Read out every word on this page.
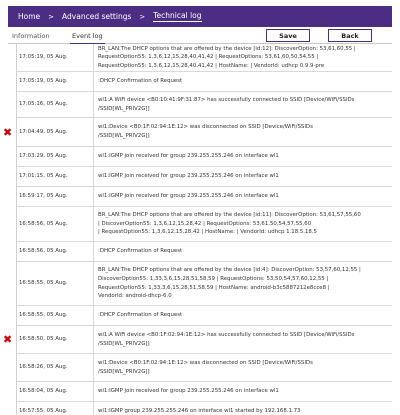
Home > Advanced settings > Technical log
Information	Event log	Save	Back
17:05:19, 05 Aug.
BR_LAN:The DHCP options that are offered by the device [id:12]: DiscoverOption: 53,61,60,55 |
RequestOption55: 1,3,6,12,15,28,40,41,42 | RequestOptions: 53,61,60,50,54,55 |
RequestOption55: 1,3,6,12,15,28,40,41,42 | HostName: | VendorId: udhcp 0.9.9-pre
17:05:19, 05 Aug.	:DHCP Confirmation of Request
17:05:16, 05 Aug.
wl1:A WiFi device <B0:10:41:9F:31:87> has successfully connected to SSID [Device/WiFi/SSIDs
/SSID[WL_PRIV2G]]
17:04:49, 05 Aug.
wl1:Device <B0:1F:02:94:1E:12> was disconnected on SSID [Device/WiFi/SSIDs
/SSID[WL_PRIV2G]]
17:03:29, 05 Aug.	wl1:IGMP join received for group 239.255.255.246 on interface wl1
17:01:15, 05 Aug.	wl1:IGMP join received for group 239.255.255.246 on interface wl1
16:59:17, 05 Aug.	wl1:IGMP join received for group 239.255.255.246 on interface wl1
16:58:56, 05 Aug.
BR_LAN:The DHCP options that are offered by the device [id:11]: DiscoverOption: 53,61,57,55,60
| DiscoverOption55: 1,3,6,12,15,28,42 | RequestOptions: 53,61,50,54,57,55,60
| RequestOption55: 1,3,6,12,15,28,42 | HostName: | VendorId: udhcp 1.18.5.18.5
16:58:56, 05 Aug.	:DHCP Confirmation of Request
16:58:55, 05 Aug.
BR_LAN:The DHCP options that are offered by the device [id:4]: DiscoverOption: 53,57,60,12,55 |
DiscoverOption55: 1,33,3,6,15,28,51,58,59 | RequestOptions: 53,50,54,57,60,12,55 |
RequestOption55: 1,33,3,6,15,28,51,58,59 | HostName: android-b3c5887212e8cce8 |
VendorId: android-dhcp-6.0
16:58:55, 05 Aug.	:DHCP Confirmation of Request
16:58:50, 05 Aug.
wl1:A WiFi device <B0:1F:02:94:1E:12> has successfully connected to SSID [Device/WiFi/SSIDs
/SSID[WL_PRIV2G]]
16:58:26, 05 Aug.
wl1:Device <B0:1F:02:94:1E:12> was disconnected on SSID [Device/WiFi/SSIDs
/SSID[WL_PRIV2G]]
16:58:04, 05 Aug.	wl1:IGMP join received for group 239.255.255.246 on interface wl1
16:57:55, 05 Aug.	wl1:IGMP group 239.255.255.246 on interface wl1 started by 192.168.1.73
✖
✖
